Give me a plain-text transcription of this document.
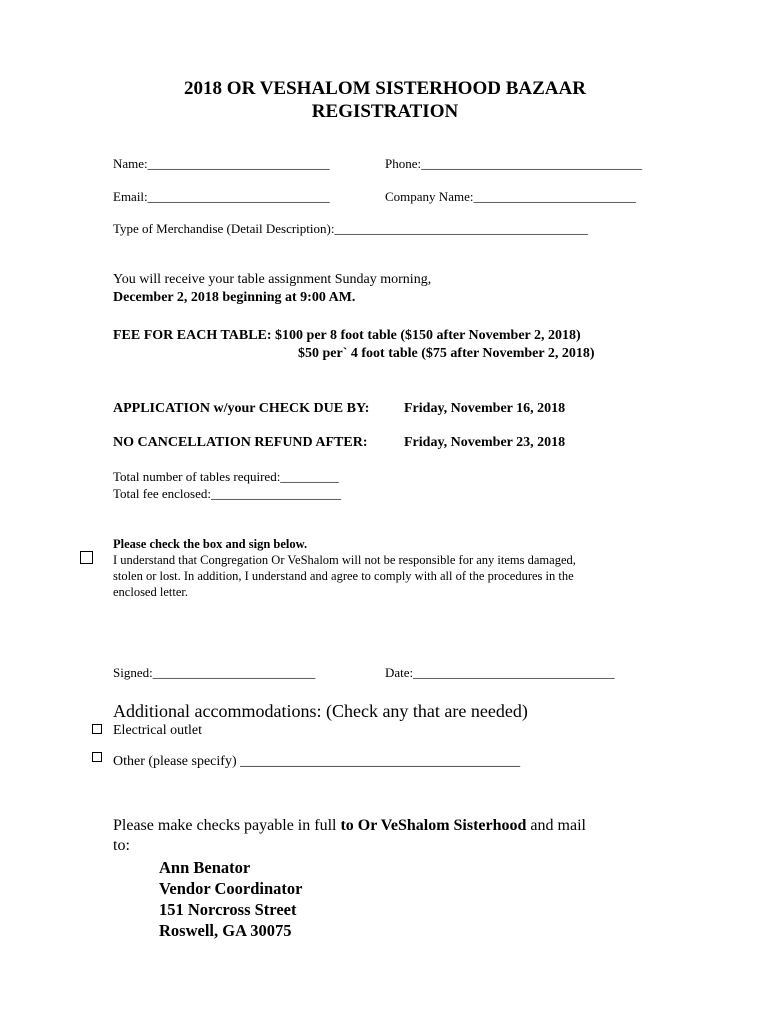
2018 OR VESHALOM SISTERHOOD BAZAAR
REGISTRATION
Name:____________________________	Phone:__________________________________
Email:____________________________	Company Name:_________________________
Type of Merchandise (Detail Description):_______________________________________
You will receive your table assignment Sunday morning,
December 2, 2018 beginning at 9:00 AM.
FEE FOR EACH TABLE: $100 per 8 foot table ($150 after November 2, 2018)
$50 per` 4 foot table ($75 after November 2, 2018)
APPLICATION w/your CHECK DUE BY: Friday, November 16, 2018
NO CANCELLATION REFUND AFTER:	Friday, November 23, 2018
Total number of tables required:_________
Total fee enclosed:____________________
Please check the box and sign below.
I understand that Congregation Or VeShalom will not be responsible for any items damaged,
stolen or lost. In addition, I understand and agree to comply with all of the procedures in the
enclosed letter.
Signed:_________________________	Date:_______________________________
Additional accommodations: (Check any that are needed)
Electrical outlet
Other (please specify) ________________________________________
Please make checks payable in full to Or VeShalom Sisterhood and mail
to:
Ann Benator
Vendor Coordinator
151 Norcross Street
Roswell, GA 30075
